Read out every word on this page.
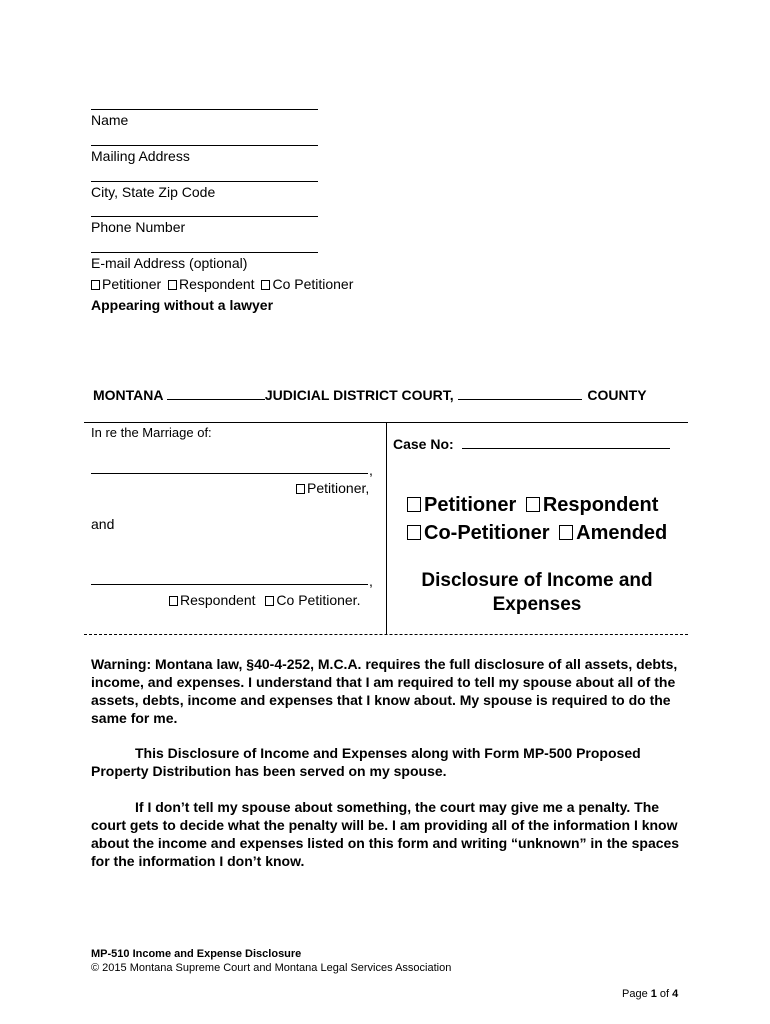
Name
Mailing Address
City, State Zip Code
Phone Number
E-mail Address (optional)
Petitioner Respondent Co Petitioner
Appearing without a lawyer
MONTANA	JUDICIAL DISTRICT COURT,	COUNTY
In re the Marriage of:
,
Petitioner,
and
,
Respondent Co Petitioner.
Case No:
Petitioner Respondent
Co-Petitioner Amended
Disclosure of Income and
Expenses
Warning: Montana law, §40-4-252, M.C.A. requires the full disclosure of all assets, debts, income, and expenses. I understand that I am required to tell my spouse about all of the assets, debts, income and expenses that I know about. My spouse is required to do the same for me.
This Disclosure of Income and Expenses along with Form MP-500 Proposed Property Distribution has been served on my spouse.
If I don’t tell my spouse about something, the court may give me a penalty. The court gets to decide what the penalty will be. I am providing all of the information I know about the income and expenses listed on this form and writing “unknown” in the spaces for the information I don’t know.
MP-510 Income and Expense Disclosure
© 2015 Montana Supreme Court and Montana Legal Services Association
Page 1 of 4
